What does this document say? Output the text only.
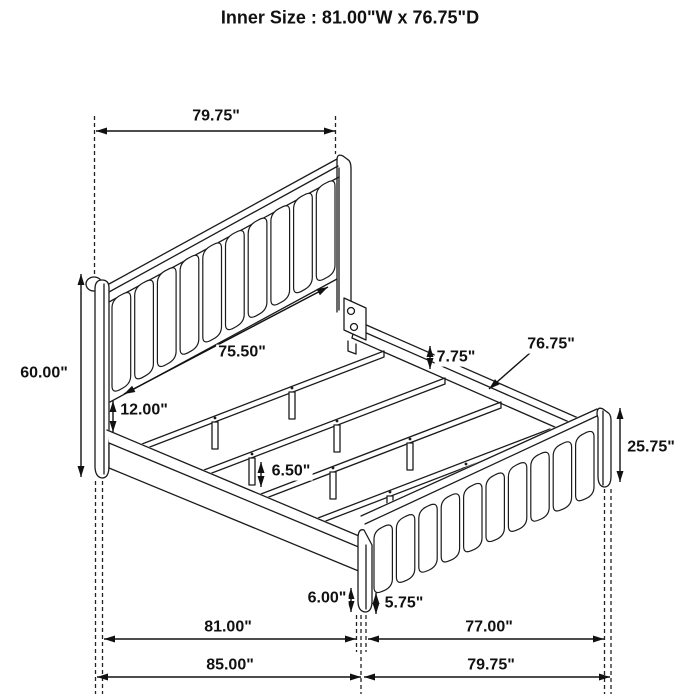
Inner Size : 81.00"W x 76.75"D
79.75"
60.00"
75.50"
12.00"
7.75"
76.75"
25.75"
6.50"
6.00" 5.75"
81.00"	77.00"
85.00"	79.75"
